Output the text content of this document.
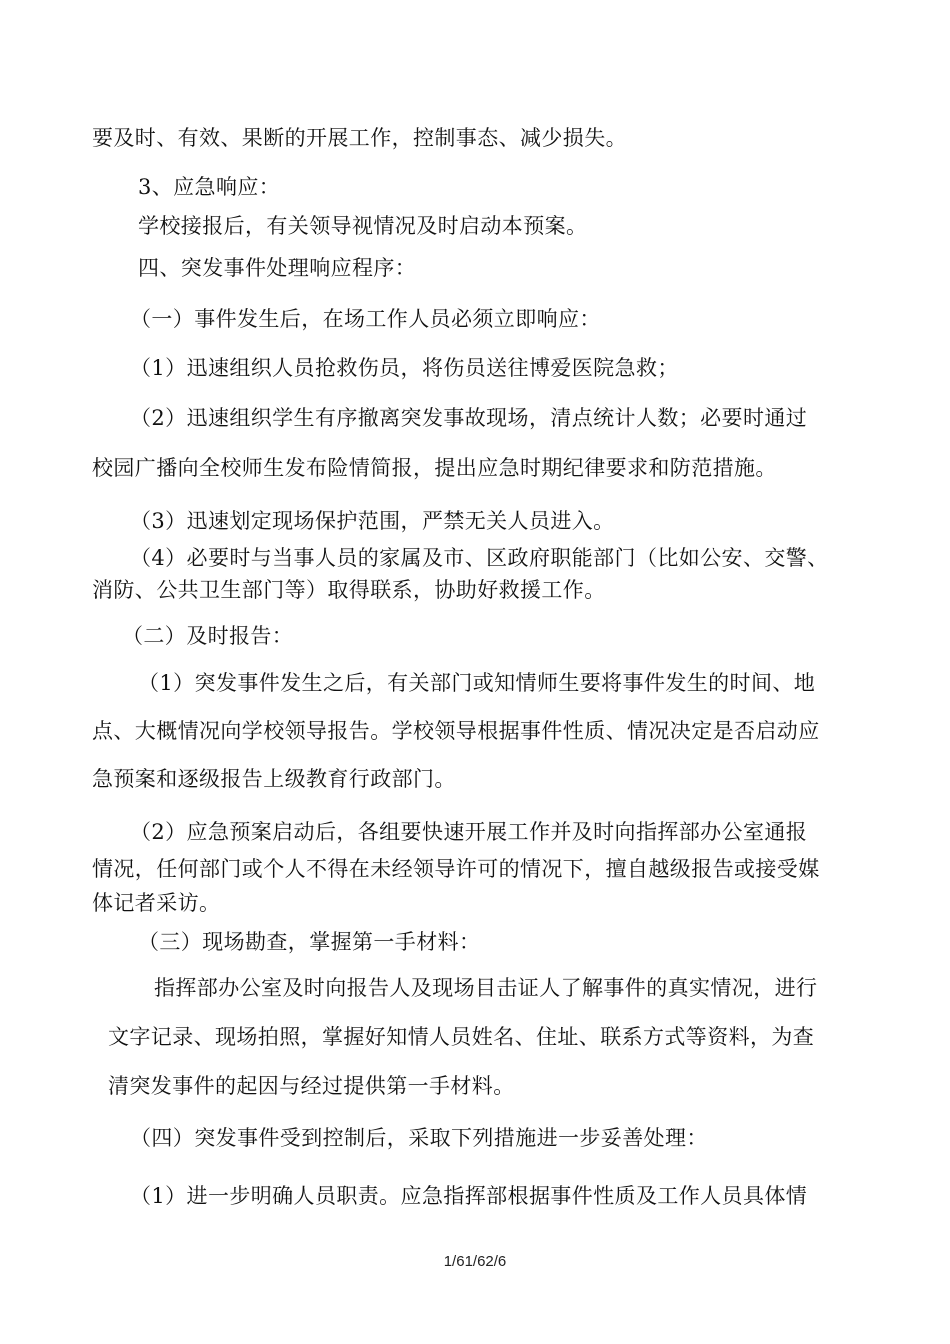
要及时、有效、果断的开展工作，控制事态、减少损失。

3、应急响应：

学校接报后，有关领导视情况及时启动本预案。

四、突发事件处理响应程序：

（一）事件发生后，在场工作人员必须立即响应：

（1）迅速组织人员抢救伤员，将伤员送往博爱医院急救；

（2）迅速组织学生有序撤离突发事故现场，清点统计人数；必要时通过

校园广播向全校师生发布险情简报，提出应急时期纪律要求和防范措施。

（3）迅速划定现场保护范围，严禁无关人员进入。

（4）必要时与当事人员的家属及市、区政府职能部门（比如公安、交警、

消防、公共卫生部门等）取得联系，协助好救援工作。

（二）及时报告：

（1）突发事件发生之后，有关部门或知情师生要将事件发生的时间、地

点、大概情况向学校领导报告。学校领导根据事件性质、情况决定是否启动应

急预案和逐级报告上级教育行政部门。

（2）应急预案启动后，各组要快速开展工作并及时向指挥部办公室通报

情况，任何部门或个人不得在未经领导许可的情况下，擅自越级报告或接受媒

体记者采访。

（三）现场勘查，掌握第一手材料：

指挥部办公室及时向报告人及现场目击证人了解事件的真实情况，进行

文字记录、现场拍照，掌握好知情人员姓名、住址、联系方式等资料，为查

清突发事件的起因与经过提供第一手材料。

（四）突发事件受到控制后，采取下列措施进一步妥善处理：

（1）进一步明确人员职责。应急指挥部根据事件性质及工作人员具体情

1/61/62/6
